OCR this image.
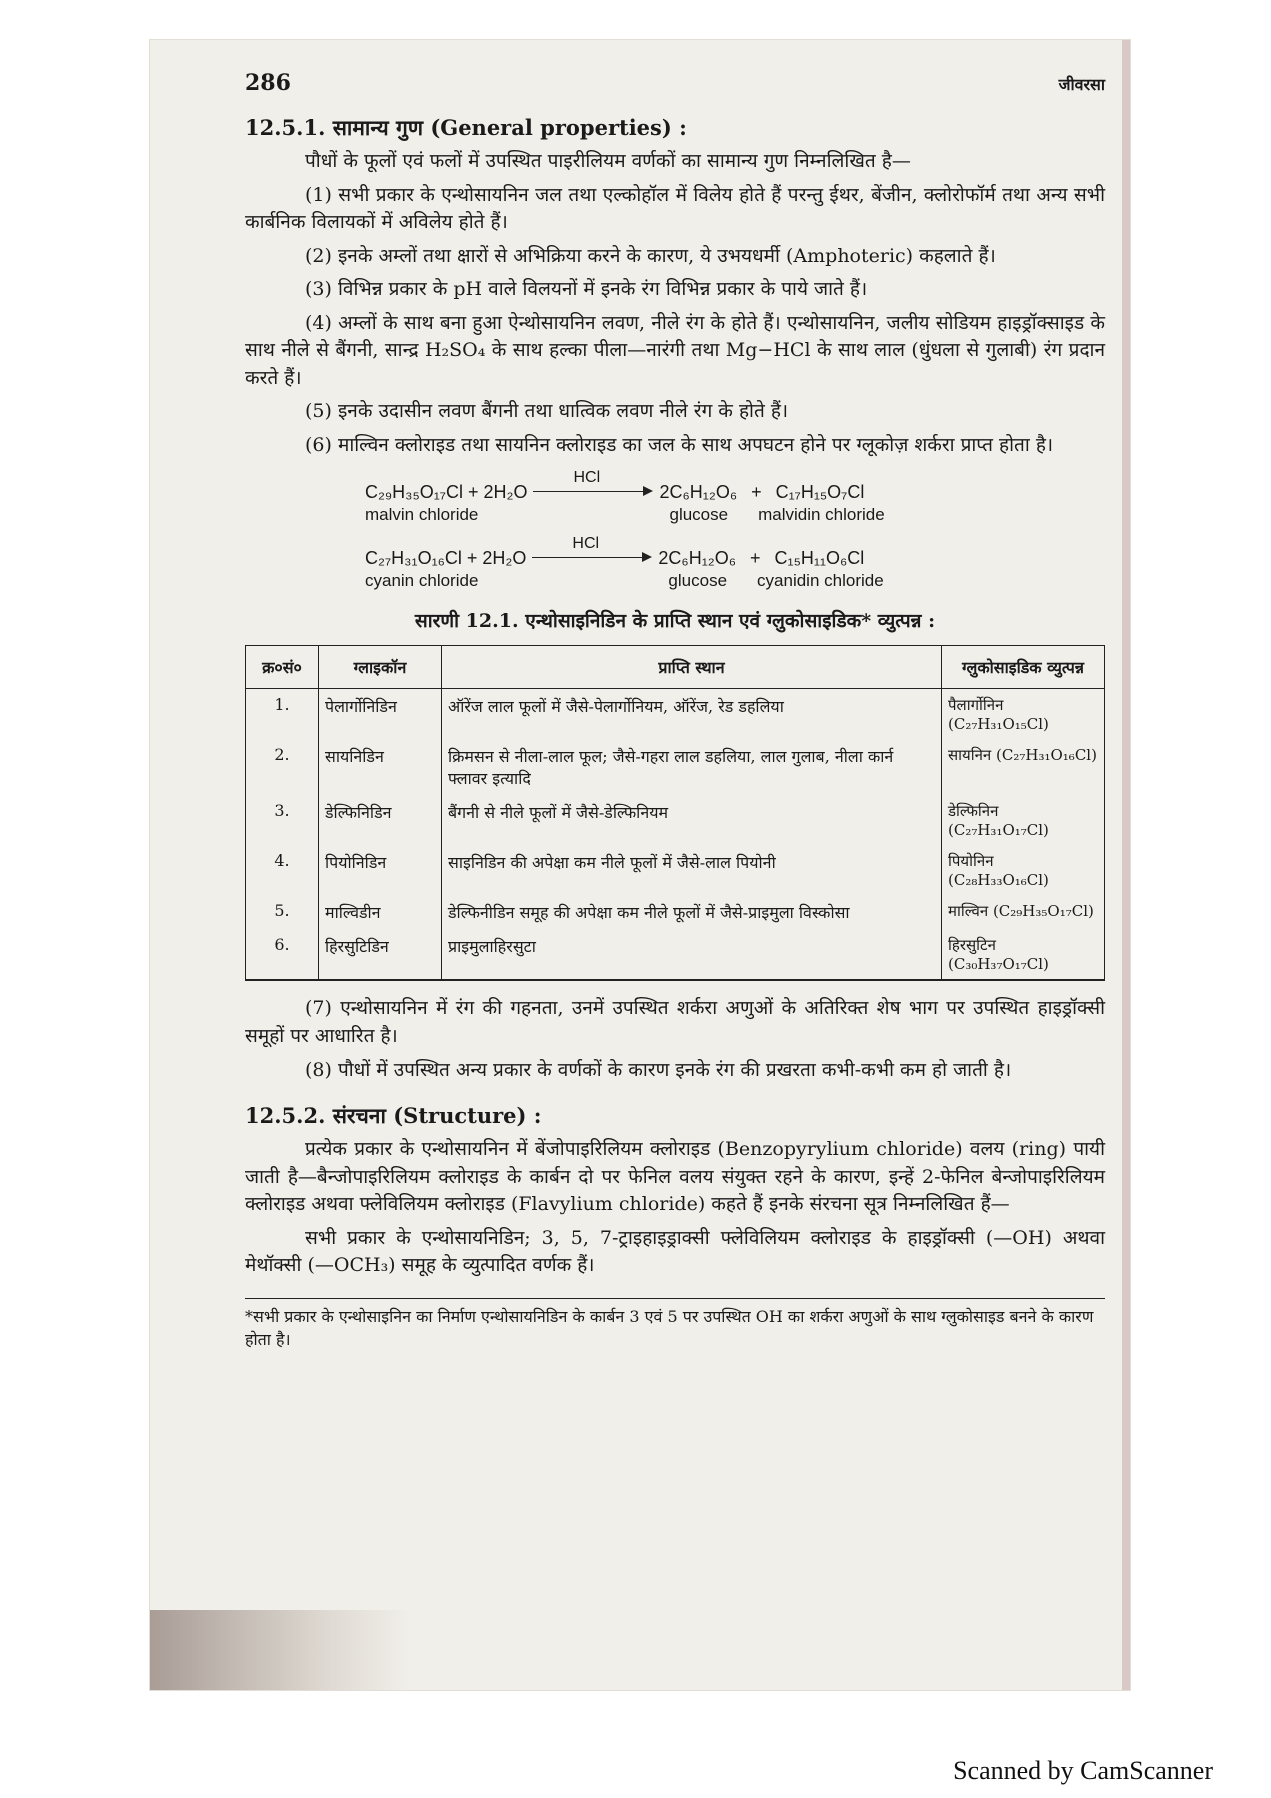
286	जीवरसा
12.5.1. सामान्य गुण (General properties) :

पौधों के फूलों एवं फलों में उपस्थित पाइरीलियम वर्णकों का सामान्य गुण निम्नलिखित है—

(1) सभी प्रकार के एन्थोसायनिन जल तथा एल्कोहॉल में विलेय होते हैं परन्तु ईथर, बेंजीन, क्लोरोफॉर्म तथा अन्य सभी कार्बनिक विलायकों में अविलेय होते हैं।

(2) इनके अम्लों तथा क्षारों से अभिक्रिया करने के कारण, ये उभयधर्मी (Amphoteric) कहलाते हैं।

(3) विभिन्न प्रकार के pH वाले विलयनों में इनके रंग विभिन्न प्रकार के पाये जाते हैं।

(4) अम्लों के साथ बना हुआ ऐन्थोसायनिन लवण, नीले रंग के होते हैं। एन्थोसायनिन, जलीय सोडियम हाइड्रॉक्साइड के साथ नीले से बैंगनी, सान्द्र H₂SO₄ के साथ हल्का पीला—नारंगी तथा Mg−HCl के साथ लाल (धुंधला से गुलाबी) रंग प्रदान करते हैं।

(5) इनके उदासीन लवण बैंगनी तथा धात्विक लवण नीले रंग के होते हैं।

(6) माल्विन क्लोराइड तथा सायनिन क्लोराइड का जल के साथ अपघटन होने पर ग्लूकोज़ शर्करा प्राप्त होता है।

C₂₉H₃₅O₁₇Cl + 2H₂O
malvin chloride
HCl
2C₆H₁₂O₆ + C₁₇H₁₅O₇Cl
glucose malvidin chloride
C₂₇H₃₁O₁₆Cl + 2H₂O
cyanin chloride
HCl
2C₆H₁₂O₆ + C₁₅H₁₁O₆Cl
glucose cyanidin chloride
सारणी 12.1. एन्थोसाइनिडिन के प्राप्ति स्थान एवं ग्लुकोसाइडिक* व्युत्पन्न :
क्र०सं०	ग्लाइकॉन	प्राप्ति स्थान	ग्लुकोसाइडिक व्युत्पन्न
1.	पेलार्गोनिडिन	ऑरेंज लाल फूलों में जैसे-पेलार्गोनियम, ऑरेंज, रेड डहलिया	पैलार्गोनिन (C₂₇H₃₁O₁₅Cl)
2.	सायनिडिन	क्रिमसन से नीला-लाल फूल; जैसे-गहरा लाल डहलिया, लाल गुलाब, नीला कार्न फ्लावर इत्यादि	सायनिन (C₂₇H₃₁O₁₆Cl)
3.	डेल्फिनिडिन	बैंगनी से नीले फूलों में जैसे-डेल्फिनियम	डेल्फिनिन (C₂₇H₃₁O₁₇Cl)
4.	पियोनिडिन	साइनिडिन की अपेक्षा कम नीले फूलों में जैसे-लाल पियोनी	पियोनिन (C₂₈H₃₃O₁₆Cl)
5.	माल्विडीन	डेल्फिनीडिन समूह की अपेक्षा कम नीले फूलों में जैसे-प्राइमुला विस्कोसा	माल्विन (C₂₉H₃₅O₁₇Cl)
6.	हिरसुटिडिन	प्राइमुलाहिरसुटा	हिरसुटिन (C₃₀H₃₇O₁₇Cl)

(7) एन्थोसायनिन में रंग की गहनता, उनमें उपस्थित शर्करा अणुओं के अतिरिक्त शेष भाग पर उपस्थित हाइड्रॉक्सी समूहों पर आधारित है।

(8) पौधों में उपस्थित अन्य प्रकार के वर्णकों के कारण इनके रंग की प्रखरता कभी-कभी कम हो जाती है।

12.5.2. संरचना (Structure) :

प्रत्येक प्रकार के एन्थोसायनिन में बेंजोपाइरिलियम क्लोराइड (Benzopyrylium chloride) वलय (ring) पायी जाती है—बैन्जोपाइरिलियम क्लोराइड के कार्बन दो पर फेनिल वलय संयुक्त रहने के कारण, इन्हें 2-फेनिल बेन्जोपाइरिलियम क्लोराइड अथवा फ्लेविलियम क्लोराइड (Flavylium chloride) कहते हैं इनके संरचना सूत्र निम्नलिखित हैं—

सभी प्रकार के एन्थोसायनिडिन; 3, 5, 7-ट्राइहाइड्राक्सी फ्लेविलियम क्लोराइड के हाइड्रॉक्सी (—OH) अथवा मेथॉक्सी (—OCH₃) समूह के व्युत्पादित वर्णक हैं।

*सभी प्रकार के एन्थोसाइनिन का निर्माण एन्थोसायनिडिन के कार्बन 3 एवं 5 पर उपस्थित OH का शर्करा अणुओं के साथ ग्लुकोसाइड बनने के कारण होता है।
Scanned by CamScanner
